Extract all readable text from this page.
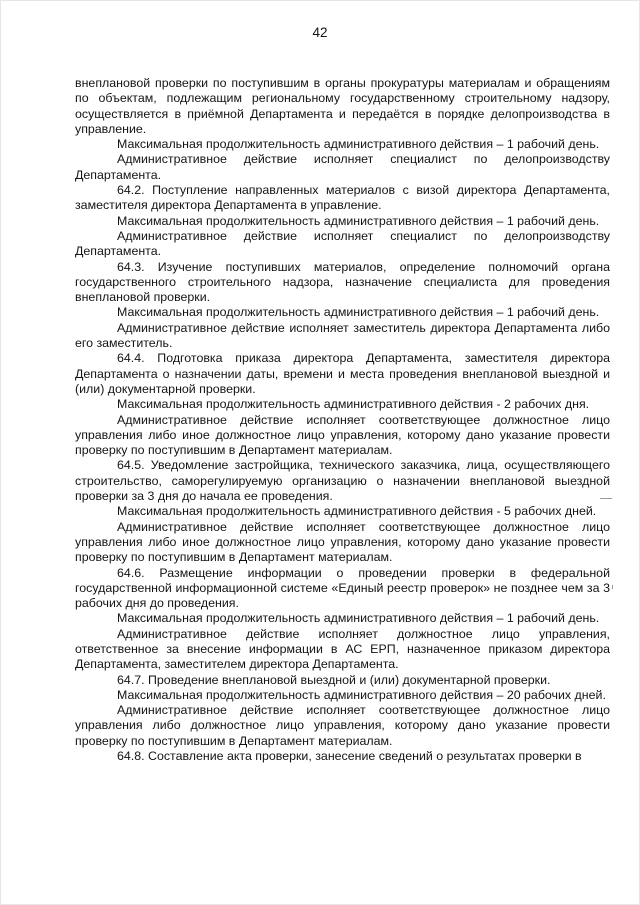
42

внеплановой проверки по поступившим в органы прокуратуры материалам и обращениям по объектам, подлежащим региональному государственному строительному надзору, осуществляется в приёмной Департамента и передаётся в порядке делопроизводства в управление.

Максимальная продолжительность административного действия – 1 рабочий день.

Административное действие исполняет специалист по делопроизводству Департамента.

64.2. Поступление направленных материалов с визой директора Департамента, заместителя директора Департамента в управление.

Максимальная продолжительность административного действия – 1 рабочий день.

Административное действие исполняет специалист по делопроизводству Департамента.

64.3. Изучение поступивших материалов, определение полномочий органа государственного строительного надзора, назначение специалиста для проведения внеплановой проверки.

Максимальная продолжительность административного действия – 1 рабочий день.

Административное действие исполняет заместитель директора Департамента либо его заместитель.

64.4. Подготовка приказа директора Департамента, заместителя директора Департамента о назначении даты, времени и места проведения внеплановой выездной и (или) документарной проверки.

Максимальная продолжительность административного действия - 2 рабочих дня.

Административное действие исполняет соответствующее должностное лицо управления либо иное должностное лицо управления, которому дано указание провести проверку по поступившим в Департамент материалам.

64.5. Уведомление застройщика, технического заказчика, лица, осуществляющего строительство, саморегулируемую организацию о назначении внеплановой выездной проверки за 3 дня до начала ее проведения.

Максимальная продолжительность административного действия - 5 рабочих дней.

Административное действие исполняет соответствующее должностное лицо управления либо иное должностное лицо управления, которому дано указание провести проверку по поступившим в Департамент материалам.

64.6. Размещение информации о проведении проверки в федеральной государственной информационной системе «Единый реестр проверок» не позднее чем за 3 рабочих дня до проведения.

Максимальная продолжительность административного действия – 1 рабочий день.

Административное действие исполняет должностное лицо управления, ответственное за внесение информации в АС ЕРП, назначенное приказом директора Департамента, заместителем директора Департамента.

64.7. Проведение внеплановой выездной и (или) документарной проверки.

Максимальная продолжительность административного действия – 20 рабочих дней.

Административное действие исполняет соответствующее должностное лицо управления либо должностное лицо управления, которому дано указание провести проверку по поступившим в Департамент материалам.

64.8. Составление акта проверки, занесение сведений о результатах проверки в
